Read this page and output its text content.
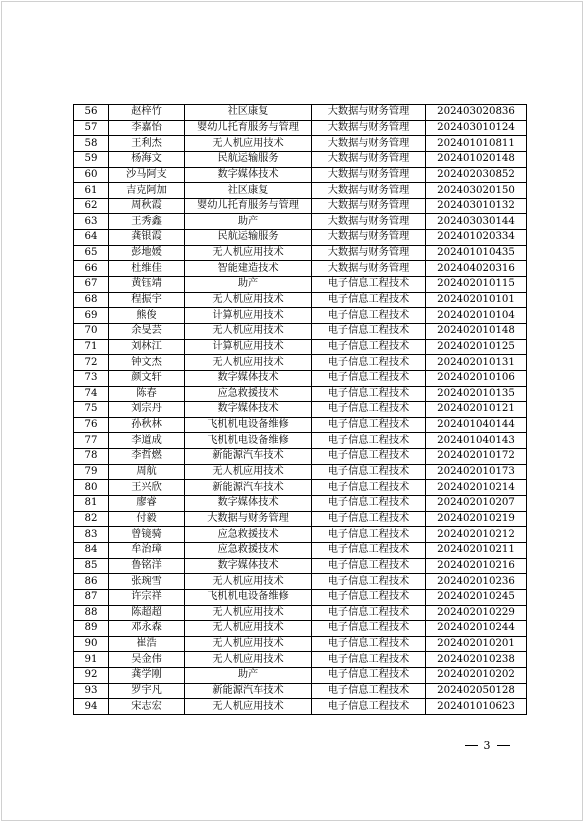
56	赵梓竹	社区康复	大数据与财务管理	202403020836
57	李嘉怡	婴幼儿托育服务与管理	大数据与财务管理	202403010124
58	王利杰	无人机应用技术	大数据与财务管理	202401010811
59	杨海文	民航运输服务	大数据与财务管理	202401020148
60	沙马阿支	数字媒体技术	大数据与财务管理	202402030852
61	吉克阿加	社区康复	大数据与财务管理	202403020150
62	周秋霞	婴幼儿托育服务与管理	大数据与财务管理	202403010132
63	王秀鑫	助产	大数据与财务管理	202403030144
64	龚银霞	民航运输服务	大数据与财务管理	202401020334
65	彭地媛	无人机应用技术	大数据与财务管理	202401010435
66	杜维佳	智能建造技术	大数据与财务管理	202404020316
67	黄钰靖	助产	电子信息工程技术	202402010115
68	程振宇	无人机应用技术	电子信息工程技术	202402010101
69	熊俊	计算机应用技术	电子信息工程技术	202402010104
70	余旻芸	无人机应用技术	电子信息工程技术	202402010148
71	刘林江	计算机应用技术	电子信息工程技术	202402010125
72	钟文杰	无人机应用技术	电子信息工程技术	202402010131
73	颜文轩	数字媒体技术	电子信息工程技术	202402010106
74	陈春	应急救援技术	电子信息工程技术	202402010135
75	刘宗丹	数字媒体技术	电子信息工程技术	202402010121
76	孙秋林	飞机机电设备维修	电子信息工程技术	202401040144
77	李道成	飞机机电设备维修	电子信息工程技术	202401040143
78	李哲燃	新能源汽车技术	电子信息工程技术	202402010172
79	周航	无人机应用技术	电子信息工程技术	202402010173
80	王兴欣	新能源汽车技术	电子信息工程技术	202402010214
81	廖睿	数字媒体技术	电子信息工程技术	202402010207
82	付毅	大数据与财务管理	电子信息工程技术	202402010219
83	曾镜骑	应急救援技术	电子信息工程技术	202402010212
84	牟治璋	应急救援技术	电子信息工程技术	202402010211
85	鲁铭洋	数字媒体技术	电子信息工程技术	202402010216
86	张琬雪	无人机应用技术	电子信息工程技术	202402010236
87	许宗祥	飞机机电设备维修	电子信息工程技术	202402010245
88	陈超超	无人机应用技术	电子信息工程技术	202402010229
89	邓永森	无人机应用技术	电子信息工程技术	202402010244
90	崔浩	无人机应用技术	电子信息工程技术	202402010201
91	吴金伟	无人机应用技术	电子信息工程技术	202402010238
92	龚学刚	助产	电子信息工程技术	202402010202
93	罗宇凡	新能源汽车技术	电子信息工程技术	202402050128
94	宋志宏	无人机应用技术	电子信息工程技术	202401010623
3
